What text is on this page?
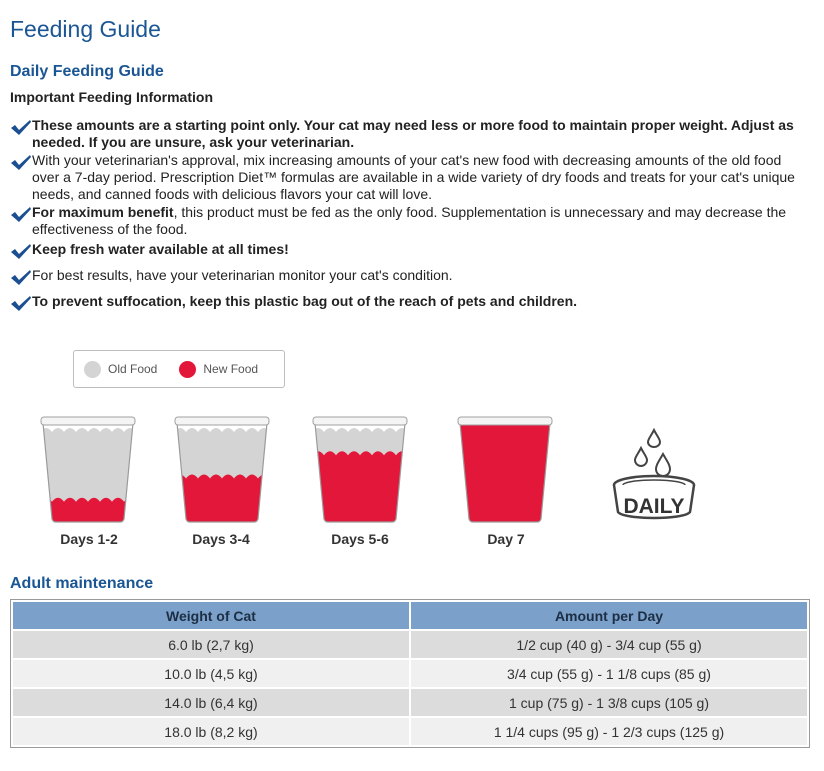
Feeding Guide
Daily Feeding Guide
Important Feeding Information
These amounts are a starting point only. Your cat may need less or more food to maintain proper weight. Adjust as needed. If you are unsure, ask your veterinarian.
With your veterinarian's approval, mix increasing amounts of your cat's new food with decreasing amounts of the old food over a 7-day period. Prescription Diet™ formulas are available in a wide variety of dry foods and treats for your cat's unique needs, and canned foods with delicious flavors your cat will love.
For maximum benefit, this product must be fed as the only food. Supplementation is unnecessary and may decrease the effectiveness of the food.
Keep fresh water available at all times!
For best results, have your veterinarian monitor your cat's condition.
To prevent suffocation, keep this plastic bag out of the reach of pets and children.
Old Food	New Food
Days 1-2	Days 3-4	Days 5-6	Day 7
DAILY
Adult maintenance
Weight of Cat	Amount per Day
6.0 lb (2,7 kg)	1/2 cup (40 g) - 3/4 cup (55 g)
10.0 lb (4,5 kg)	3/4 cup (55 g) - 1 1/8 cups (85 g)
14.0 lb (6,4 kg)	1 cup (75 g) - 1 3/8 cups (105 g)
18.0 lb (8,2 kg)	1 1/4 cups (95 g) - 1 2/3 cups (125 g)
